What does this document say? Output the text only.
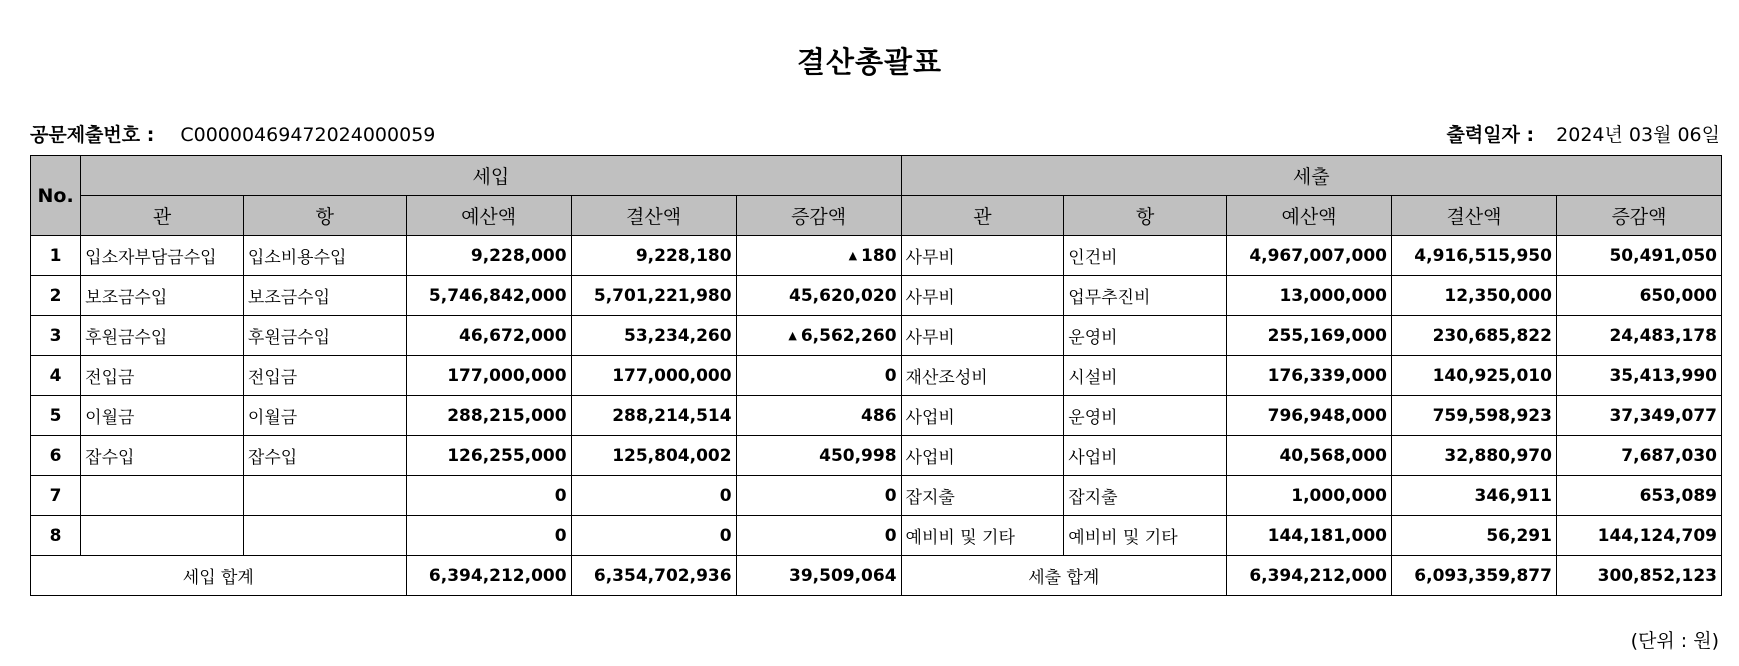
결산총괄표
공문제출번호 : C00000469472024000059	출력일자 : 2024년 03월 06일
No.	세입					세출				
	관	항	예산액	결산액	증감액	관	항	예산액	결산액	증감액
1	입소자부담금수입	입소비용수입	9,228,000	9,228,180	▲ 180	사무비	인건비	4,967,007,000	4,916,515,950	50,491,050
2	보조금수입	보조금수입	5,746,842,000	5,701,221,980	45,620,020	사무비	업무추진비	13,000,000	12,350,000	650,000
3	후원금수입	후원금수입	46,672,000	53,234,260	▲ 6,562,260	사무비	운영비	255,169,000	230,685,822	24,483,178
4	전입금	전입금	177,000,000	177,000,000	0	재산조성비	시설비	176,339,000	140,925,010	35,413,990
5	이월금	이월금	288,215,000	288,214,514	486	사업비	운영비	796,948,000	759,598,923	37,349,077
6	잡수입	잡수입	126,255,000	125,804,002	450,998	사업비	사업비	40,568,000	32,880,970	7,687,030
7			0	0	0	잡지출	잡지출	1,000,000	346,911	653,089
8			0	0	0	예비비 및 기타	예비비 및 기타	144,181,000	56,291	144,124,709
세입 합계			6,394,212,000	6,354,702,936	39,509,064	세출 합계		6,394,212,000	6,093,359,877	300,852,123
(단위 : 원)
